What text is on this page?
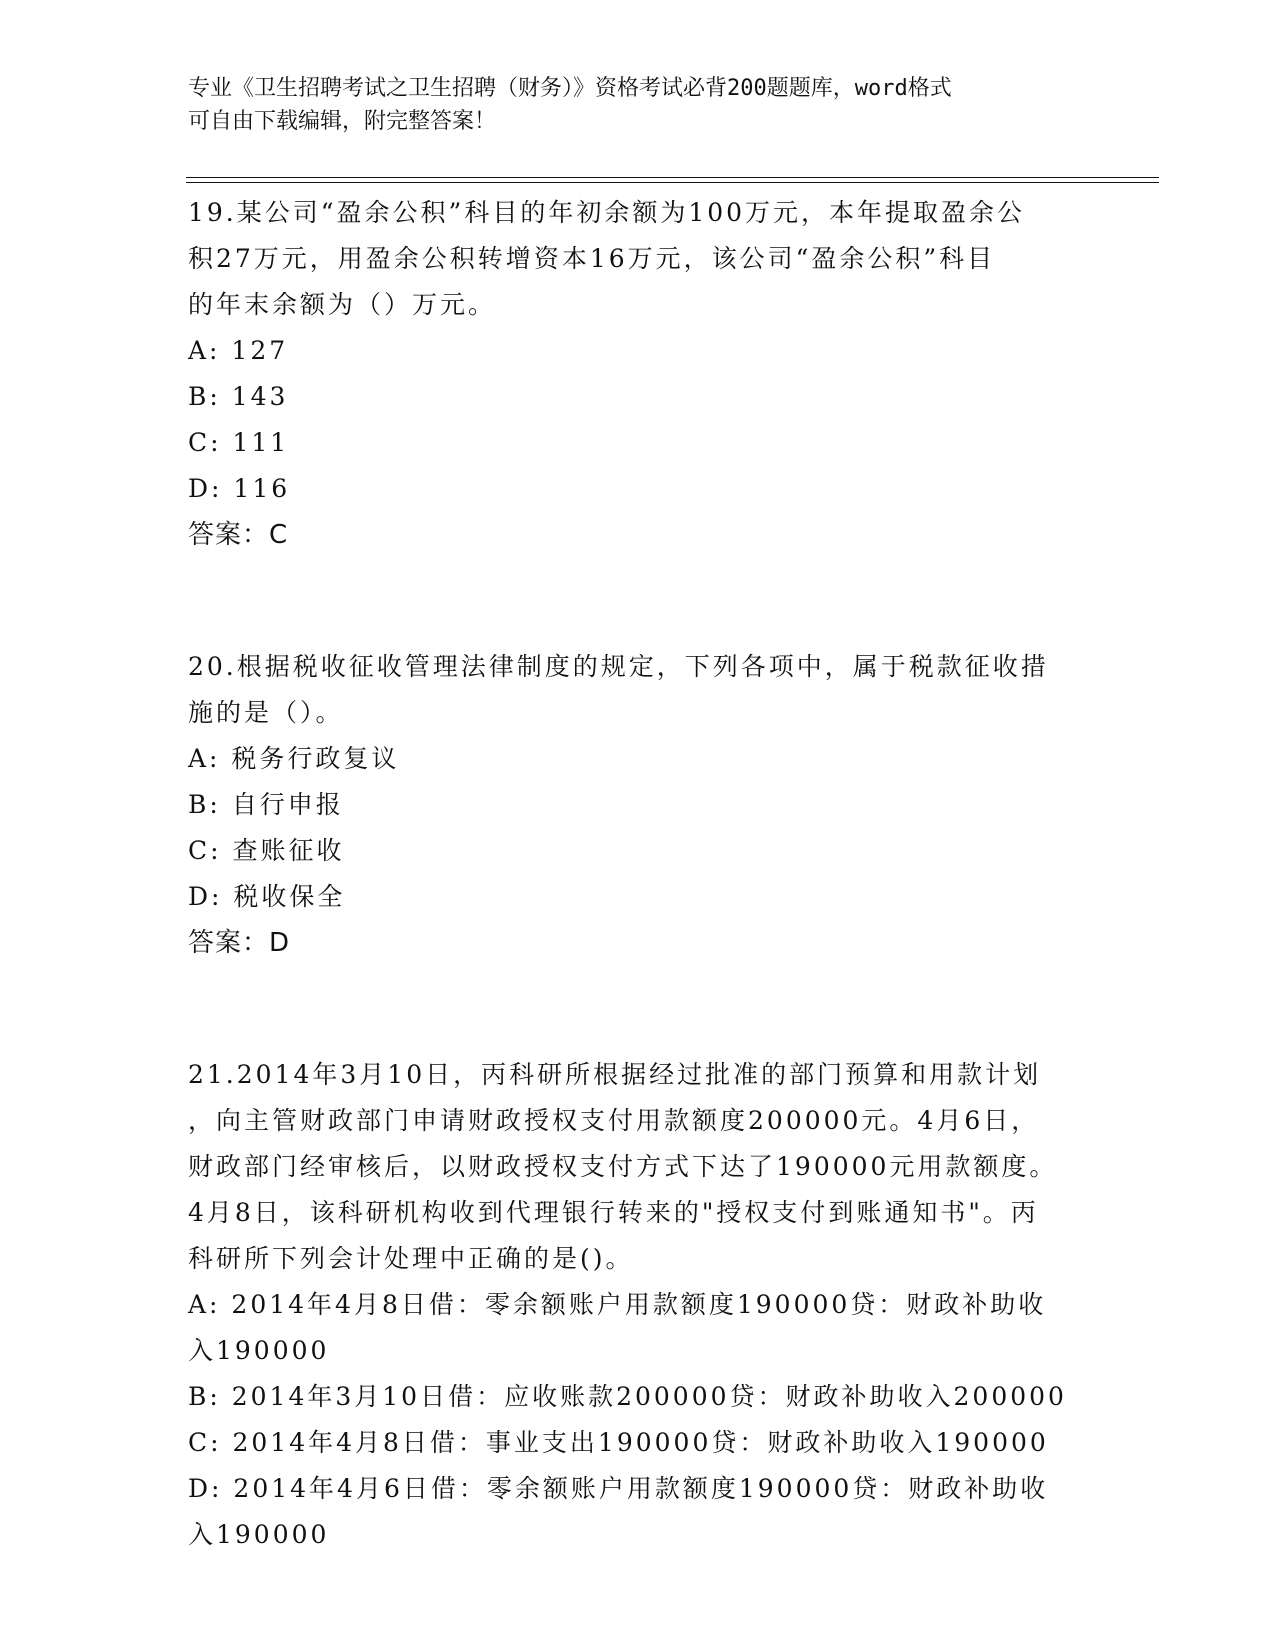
专业《卫生招聘考试之卫生招聘（财务）》资格考试必背200题题库，word格式
可自由下载编辑，附完整答案！
19.某公司“盈余公积”科目的年初余额为100万元，本年提取盈余公
积27万元，用盈余公积转增资本16万元，该公司“盈余公积”科目
的年末余额为（）万元。
A: 127
B: 143
C: 111
D: 116
答案：C
20.根据税收征收管理法律制度的规定，下列各项中，属于税款征收措
施的是（）。
A: 税务行政复议
B: 自行申报
C: 查账征收
D: 税收保全
答案：D
21.2014年3月10日，丙科研所根据经过批准的部门预算和用款计划
，向主管财政部门申请财政授权支付用款额度200000元。4月6日，
财政部门经审核后，以财政授权支付方式下达了190000元用款额度。
4月8日，该科研机构收到代理银行转来的"授权支付到账通知书"。丙
科研所下列会计处理中正确的是()。
A: 2014年4月8日借：零余额账户用款额度190000贷：财政补助收
入190000
B: 2014年3月10日借：应收账款200000贷：财政补助收入200000
C: 2014年4月8日借：事业支出190000贷：财政补助收入190000
D: 2014年4月6日借：零余额账户用款额度190000贷：财政补助收
入190000
